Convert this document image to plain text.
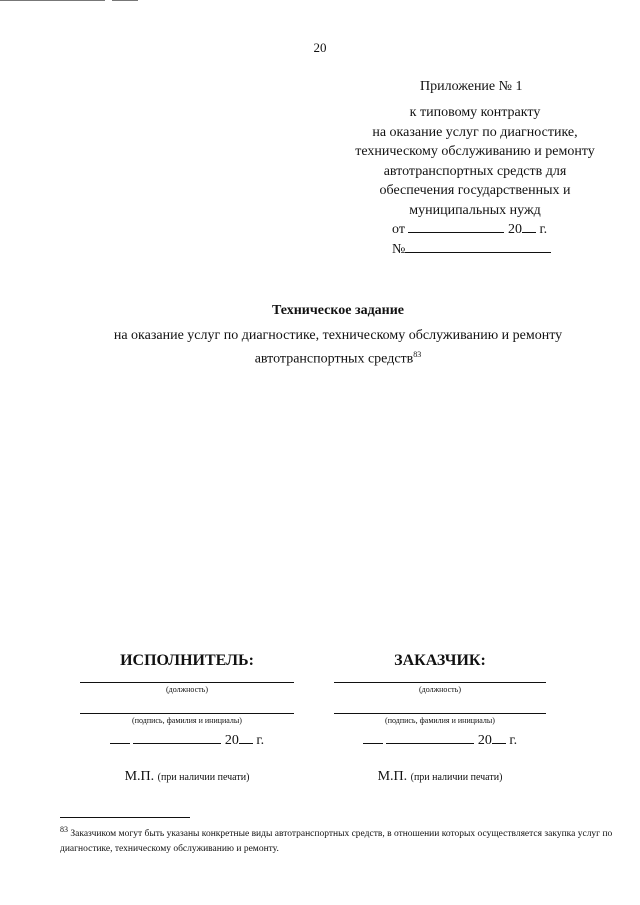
20
Приложение № 1
к типовому контракту
на оказание услуг по диагностике,
техническому обслуживанию и ремонту
автотранспортных средств для
обеспечения государственных и
муниципальных нужд
от	20 г.
№
Техническое задание
на оказание услуг по диагностике, техническому обслуживанию и ремонту
автотранспортных средств$^{83}$
ИСПОЛНИТЕЛЬ:
(должность)
(подпись, фамилия и инициалы)
20 г.
М.П. (при наличии печати)
ЗАКАЗЧИК:
(должность)
(подпись, фамилия и инициалы)
20 г.
М.П. (при наличии печати)
$^{83}$ Заказчиком могут быть указаны конкретные виды автотранспортных средств, в отношении которых осуществляется закупка услуг по диагностике, техническому обслуживанию и ремонту.
